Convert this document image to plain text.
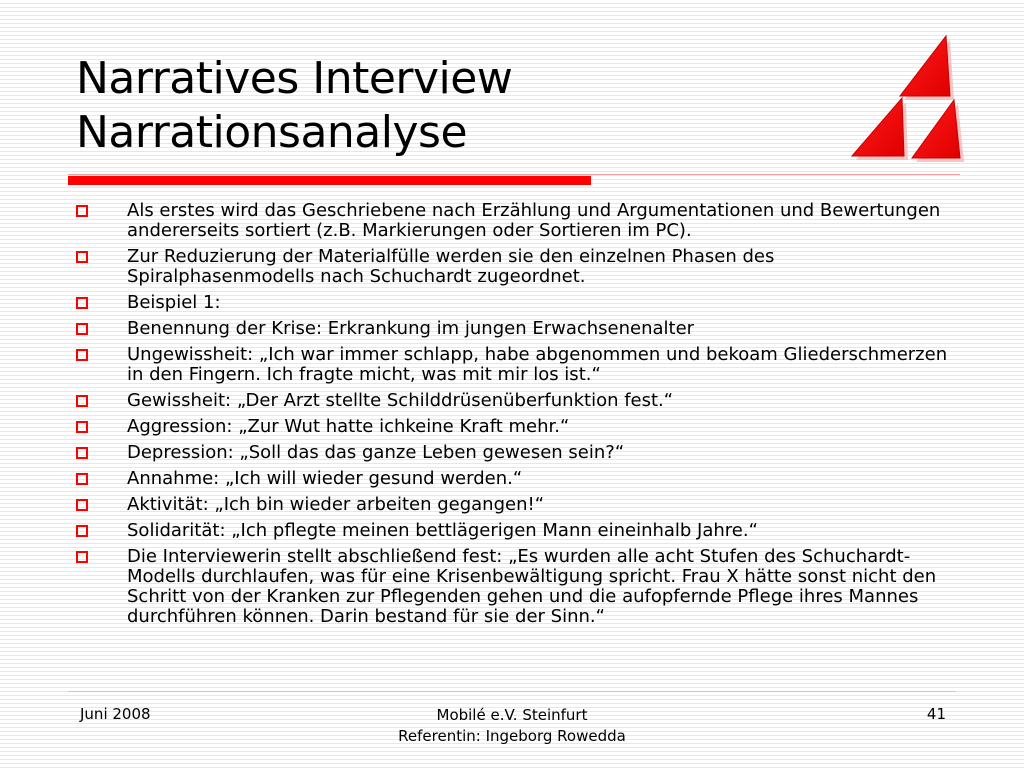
Narratives Interview
Narrationsanalyse
Als erstes wird das Geschriebene nach Erzählung und Argumentationen und Bewertungen andererseits sortiert (z.B. Markierungen oder Sortieren im PC).
Zur Reduzierung der Materialfülle werden sie den einzelnen Phasen des Spiralphasenmodells nach Schuchardt zugeordnet.
Beispiel 1:
Benennung der Krise: Erkrankung im jungen Erwachsenenalter
Ungewissheit: „Ich war immer schlapp, habe abgenommen und bekoam Gliederschmerzen in den Fingern. Ich fragte micht, was mit mir los ist.“
Gewissheit: „Der Arzt stellte Schilddrüsenüberfunktion fest.“
Aggression: „Zur Wut hatte ichkeine Kraft mehr.“
Depression: „Soll das das ganze Leben gewesen sein?“
Annahme: „Ich will wieder gesund werden.“
Aktivität: „Ich bin wieder arbeiten gegangen!“
Solidarität: „Ich pflegte meinen bettlägerigen Mann eineinhalb Jahre.“
Die Interviewerin stellt abschließend fest: „Es wurden alle acht Stufen des Schuchardt-Modells durchlaufen, was für eine Krisenbewältigung spricht. Frau X hätte sonst nicht den Schritt von der Kranken zur Pflegenden gehen und die aufopfernde Pflege ihres Mannes durchführen können. Darin bestand für sie der Sinn.“
Juni 2008	Mobilé e.V. Steinfurt
Referentin: Ingeborg Rowedda
41
